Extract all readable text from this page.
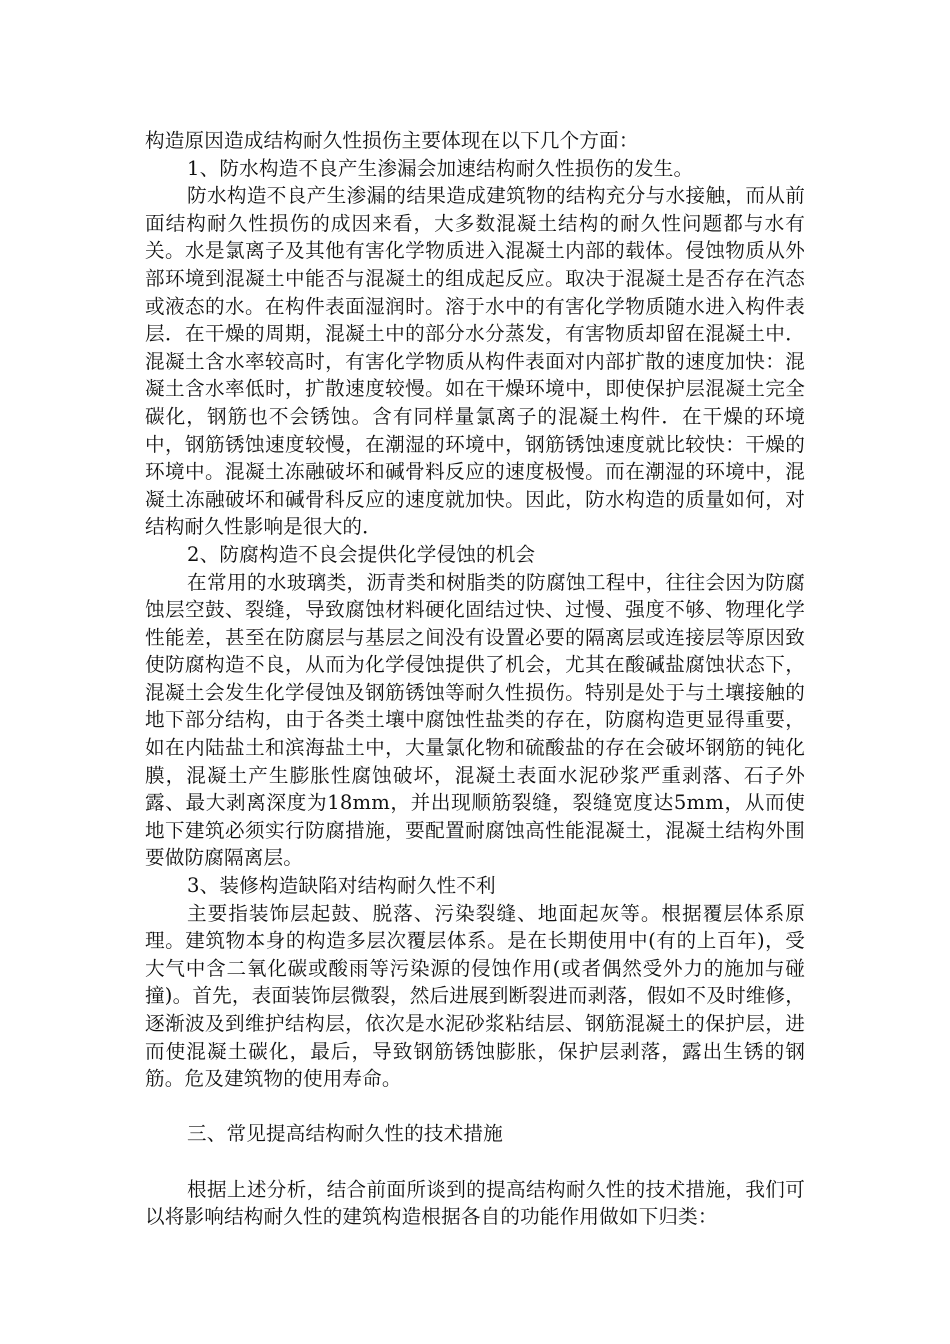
构造原因造成结构耐久性损伤主要体现在以下几个方面：

1、防水构造不良产生渗漏会加速结构耐久性损伤的发生。

防水构造不良产生渗漏的结果造成建筑物的结构充分与水接触，而从前面结构耐久性损伤的成因来看，大多数混凝土结构的耐久性问题都与水有关。水是氯离子及其他有害化学物质进入混凝土内部的载体。侵蚀物质从外部环境到混凝土中能否与混凝土的组成起反应。取决于混凝土是否存在汽态或液态的水。在构件表面湿润时。溶于水中的有害化学物质随水进入构件表层．在干燥的周期，混凝土中的部分水分蒸发，有害物质却留在混凝土中．混凝土含水率较高时，有害化学物质从构件表面对内部扩散的速度加快：混凝土含水率低时，扩散速度较慢。如在干燥环境中，即使保护层混凝土完全碳化，钢筋也不会锈蚀。含有同样量氯离子的混凝土构件．在干燥的环境中，钢筋锈蚀速度较慢，在潮湿的环境中，钢筋锈蚀速度就比较快：干燥的环境中。混凝土冻融破坏和碱骨料反应的速度极慢。而在潮湿的环境中，混凝土冻融破坏和碱骨科反应的速度就加快。因此，防水构造的质量如何，对结构耐久性影响是很大的．

2、防腐构造不良会提供化学侵蚀的机会

在常用的水玻璃类，沥青类和树脂类的防腐蚀工程中，往往会因为防腐蚀层空鼓、裂缝，导致腐蚀材料硬化固结过快、过慢、强度不够、物理化学性能差，甚至在防腐层与基层之间没有设置必要的隔离层或连接层等原因致使防腐构造不良，从而为化学侵蚀提供了机会，尤其在酸碱盐腐蚀状态下，混凝土会发生化学侵蚀及钢筋锈蚀等耐久性损伤。特别是处于与土壤接触的地下部分结构，由于各类土壤中腐蚀性盐类的存在，防腐构造更显得重要，如在内陆盐土和滨海盐土中，大量氯化物和硫酸盐的存在会破坏钢筋的钝化膜，混凝土产生膨胀性腐蚀破坏，混凝土表面水泥砂浆严重剥落、石子外露、最大剥离深度为18mm，并出现顺筋裂缝，裂缝宽度达5mm，从而使地下建筑必须实行防腐措施，要配置耐腐蚀高性能混凝土，混凝土结构外围要做防腐隔离层。

3、装修构造缺陷对结构耐久性不利

主要指装饰层起鼓、脱落、污染裂缝、地面起灰等。根据覆层体系原理。建筑物本身的构造多层次覆层体系。是在长期使用中(有的上百年)，受大气中含二氧化碳或酸雨等污染源的侵蚀作用(或者偶然受外力的施加与碰撞)。首先，表面装饰层微裂，然后进展到断裂进而剥落，假如不及时维修，逐渐波及到维护结构层，依次是水泥砂浆粘结层、钢筋混凝土的保护层，进而使混凝土碳化，最后，导致钢筋锈蚀膨胀，保护层剥落，露出生锈的钢筋。危及建筑物的使用寿命。

三、常见提高结构耐久性的技术措施

根据上述分析，结合前面所谈到的提高结构耐久性的技术措施，我们可以将影响结构耐久性的建筑构造根据各自的功能作用做如下归类：
